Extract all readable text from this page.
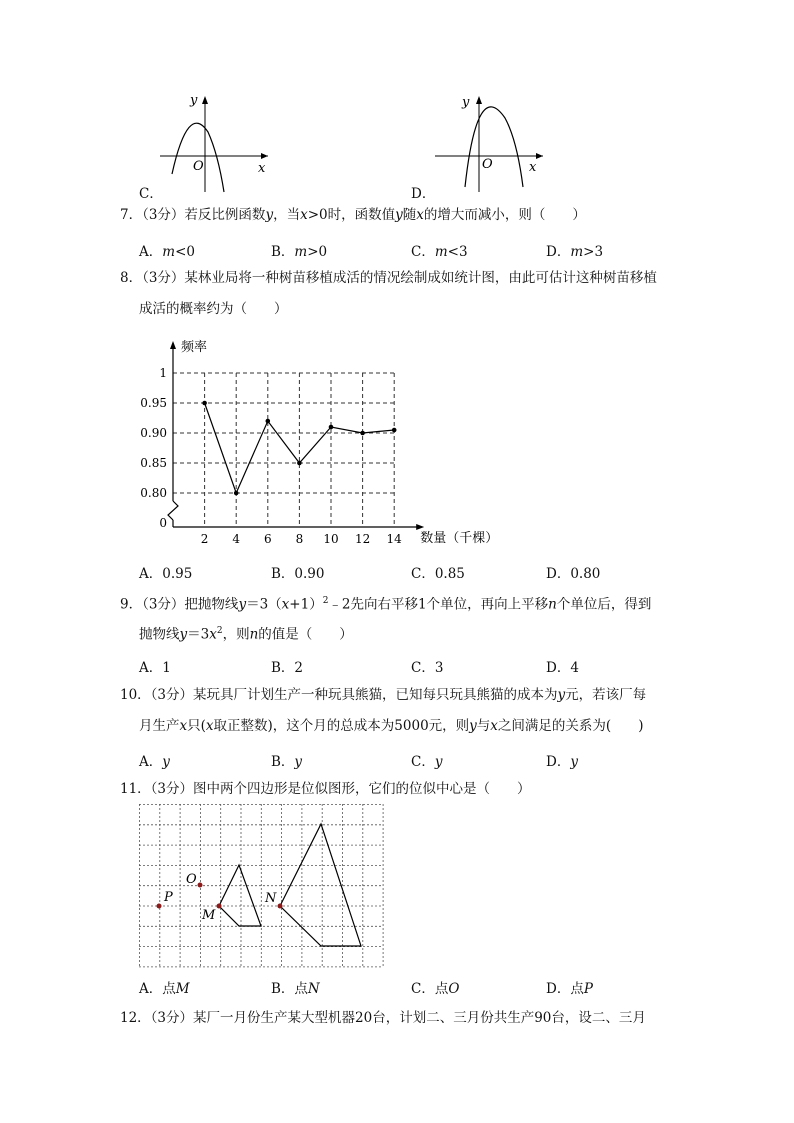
y
x
O
C．
y
x
O
D．
7．（3分）若反比例函数y，当x>0时，函数值y随x的增大而减小，则（　　）
A．m<0	B．m>0	C．m<3	D．m>3
8．（3分）某林业局将一种树苗移植成活的情况绘制成如统计图，由此可估计这种树苗移植
成活的概率约为（　　）
0.80
0.85
0.90
0.95
1
0
2 4 6 8 10 12 14
频率
数量（千棵）
A．0.95	B．0.90	C．0.85	D．0.80
9．（3分）把抛物线$y=3(x+1)^2﹣2$先向右平移1个单位，再向上平移n个单位后，得到
抛物线$y=3x^2$，则n的值是（　　）
A．1	B．2	C．3	D．4
10．（3分）某玩具厂计划生产一种玩具熊猫，已知每只玩具熊猫的成本为y元，若该厂每
月生产x只(x取正整数)，这个月的总成本为5000元，则y与x之间满足的关系为(　　)
A．y	B．y	C．y	D．y
11．（3分）图中两个四边形是位似图形，它们的位似中心是（　　）
P
O
M
N
A．点M	B．点N	C．点O	D．点P
12．（3分）某厂一月份生产某大型机器20台，计划二、三月份共生产90台，设二、三月
